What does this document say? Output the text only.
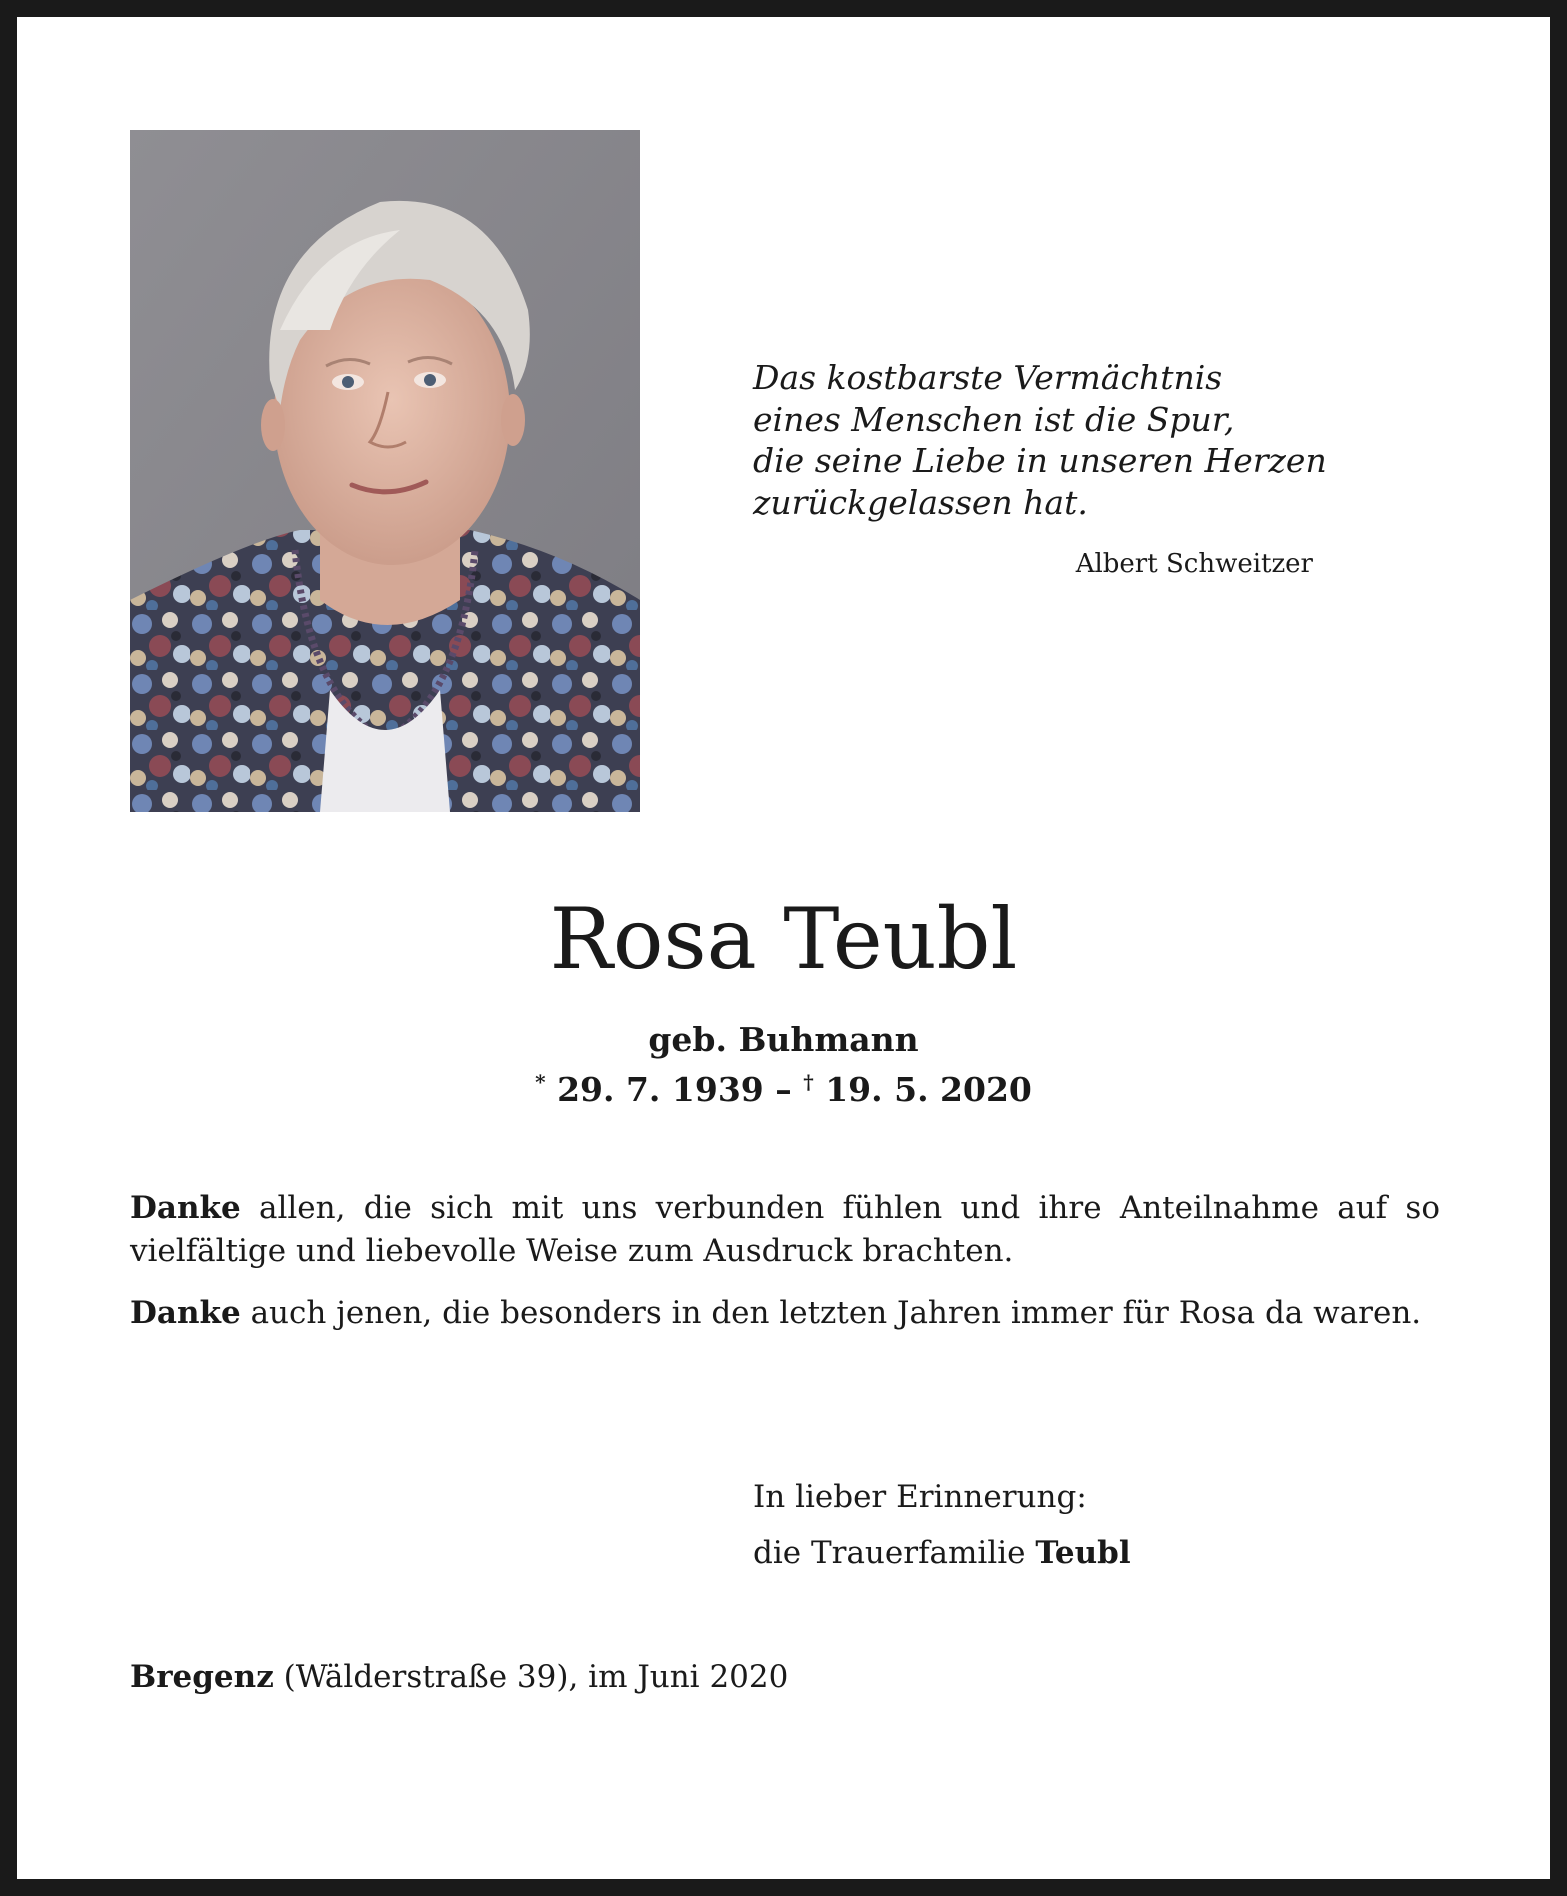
Das kostbarste Vermächtnis
eines Menschen ist die Spur,
die seine Liebe in unseren Herzen
zurückgelassen hat.
Albert Schweitzer
Rosa Teubl
geb. Buhmann
* 29. 7. 1939 – † 19. 5. 2020
Danke allen, die sich mit uns verbunden fühlen und ihre Anteilnahme auf so vielfältige und liebevolle Weise zum Ausdruck brachten.
Danke auch jenen, die besonders in den letzten Jahren immer für Rosa da waren.
In lieber Erinnerung:
die Trauerfamilie Teubl
Bregenz (Wälderstraße 39), im Juni 2020
